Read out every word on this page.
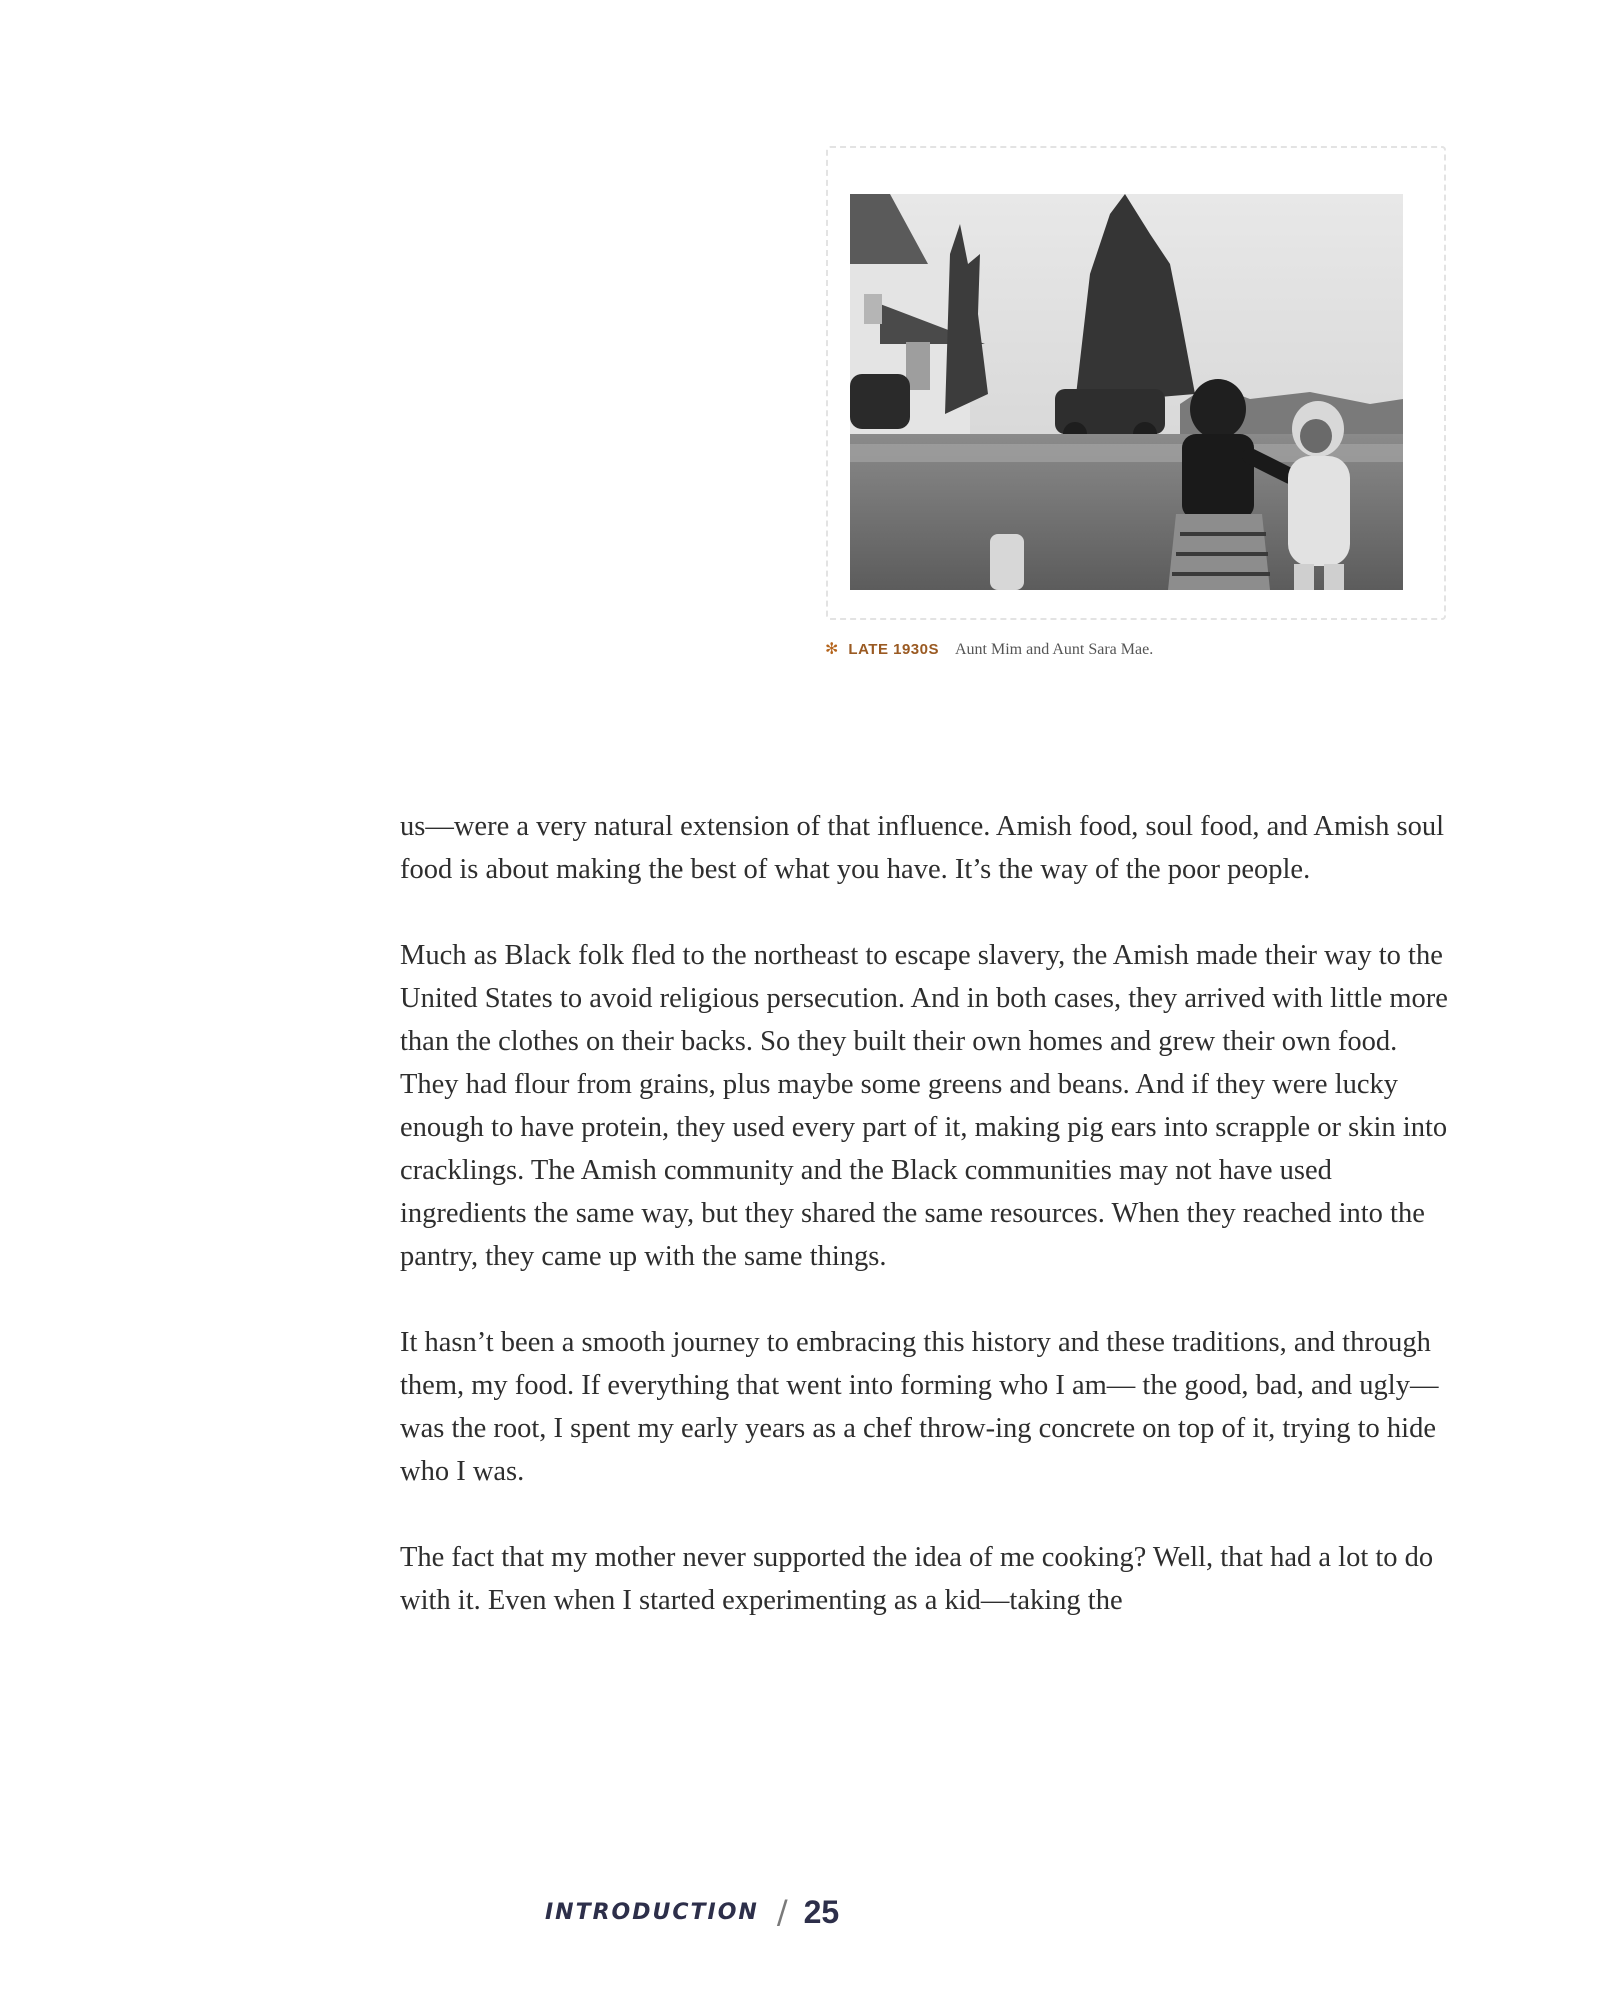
✻ LATE 1930S Aunt Mim and Aunt Sara Mae.

us—were a very natural extension of that influence. Amish food, soul food, and Amish soul food is about making the best of what you have. It’s the way of the poor people.

Much as Black folk fled to the northeast to escape slavery, the Amish made their way to the United States to avoid religious persecution. And in both cases, they arrived with little more than the clothes on their backs. So they built their own homes and grew their own food. They had flour from grains, plus maybe some greens and beans. And if they were lucky enough to have protein, they used every part of it, making pig ears into scrapple or skin into cracklings. The Amish community and the Black communities may not have used ingredients the same way, but they shared the same resources. When they reached into the pantry, they came up with the same things.

It hasn’t been a smooth journey to embracing this history and these traditions, and through them, my food. If everything that went into forming who I am— the good, bad, and ugly—was the root, I spent my early years as a chef throw-ing concrete on top of it, trying to hide who I was.

The fact that my mother never supported the idea of me cooking? Well, that had a lot to do with it. Even when I started experimenting as a kid—taking the

INTRODUCTION / 25
